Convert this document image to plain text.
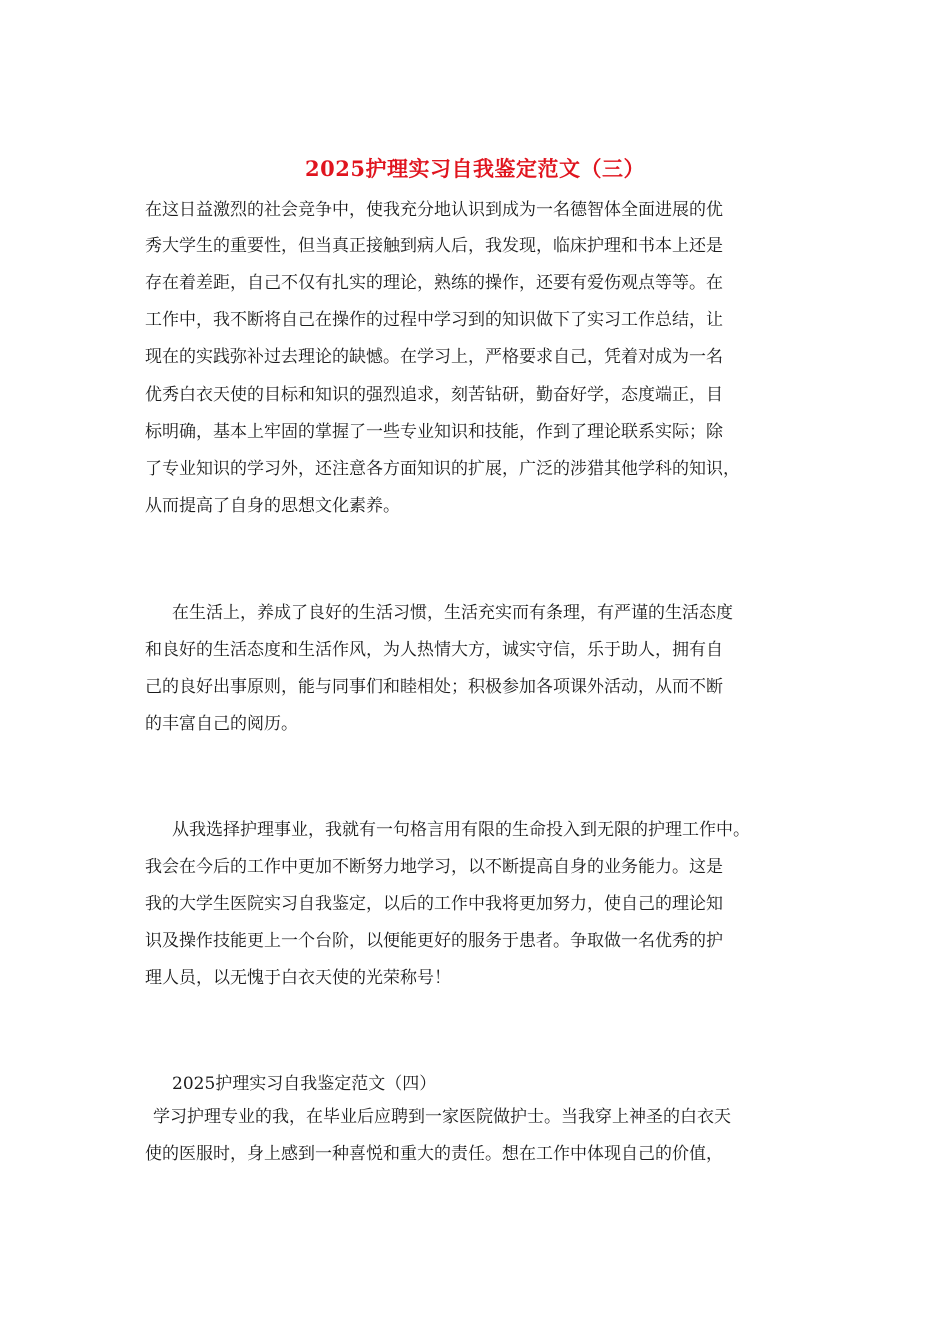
2025护理实习自我鉴定范文（三）
在这日益激烈的社会竞争中，使我充分地认识到成为一名德智体全面进展的优
秀大学生的重要性，但当真正接触到病人后，我发现，临床护理和书本上还是
存在着差距，自己不仅有扎实的理论，熟练的操作，还要有爱伤观点等等。在
工作中，我不断将自己在操作的过程中学习到的知识做下了实习工作总结，让
现在的实践弥补过去理论的缺憾。在学习上，严格要求自己，凭着对成为一名
优秀白衣天使的目标和知识的强烈追求，刻苦钻研，勤奋好学，态度端正，目
标明确，基本上牢固的掌握了一些专业知识和技能，作到了理论联系实际；除
了专业知识的学习外，还注意各方面知识的扩展，广泛的涉猎其他学科的知识，
从而提高了自身的思想文化素养。
在生活上，养成了良好的生活习惯，生活充实而有条理，有严谨的生活态度
和良好的生活态度和生活作风，为人热情大方，诚实守信，乐于助人，拥有自
己的良好出事原则，能与同事们和睦相处；积极参加各项课外活动，从而不断
的丰富自己的阅历。
从我选择护理事业，我就有一句格言用有限的生命投入到无限的护理工作中。
我会在今后的工作中更加不断努力地学习，以不断提高自身的业务能力。这是
我的大学生医院实习自我鉴定，以后的工作中我将更加努力，使自己的理论知
识及操作技能更上一个台阶，以便能更好的服务于患者。争取做一名优秀的护
理人员，以无愧于白衣天使的光荣称号！
2025护理实习自我鉴定范文（四）
学习护理专业的我，在毕业后应聘到一家医院做护士。当我穿上神圣的白衣天
使的医服时，身上感到一种喜悦和重大的责任。想在工作中体现自己的价值，
